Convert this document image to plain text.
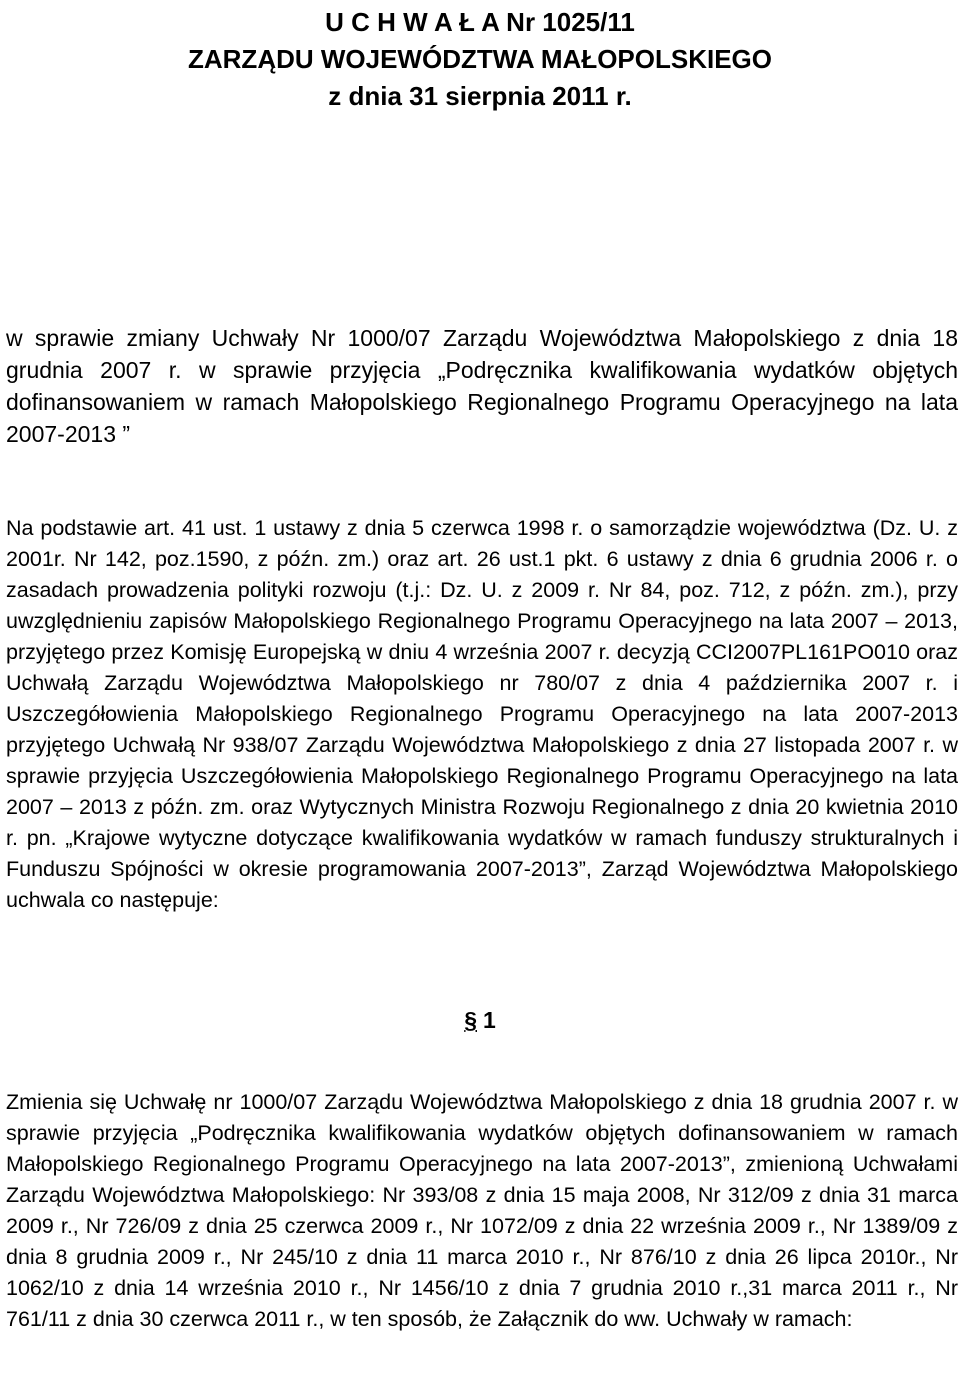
U C H W A Ł A Nr 1025/11
ZARZĄDU WOJEWÓDZTWA MAŁOPOLSKIEGO
z dnia 31 sierpnia 2011 r.
w sprawie zmiany Uchwały Nr 1000/07 Zarządu Województwa Małopolskiego z dnia 18 grudnia 2007 r. w sprawie przyjęcia „Podręcznika kwalifikowania wydatków objętych dofinansowaniem w ramach Małopolskiego Regionalnego Programu Operacyjnego na lata 2007-2013 ”
Na podstawie art. 41 ust. 1 ustawy z dnia 5 czerwca 1998 r. o samorządzie województwa (Dz. U. z 2001r. Nr 142, poz.1590, z późn. zm.) oraz art. 26 ust.1 pkt. 6 ustawy z dnia 6 grudnia 2006 r. o zasadach prowadzenia polityki rozwoju (t.j.: Dz. U. z 2009 r. Nr 84, poz. 712, z późn. zm.), przy uwzględnieniu zapisów Małopolskiego Regionalnego Programu Operacyjnego na lata 2007 – 2013, przyjętego przez Komisję Europejską w dniu 4 września 2007 r. decyzją CCI2007PL161PO010 oraz Uchwałą Zarządu Województwa Małopolskiego nr 780/07 z dnia 4 października 2007 r. i Uszczegółowienia Małopolskiego Regionalnego Programu Operacyjnego na lata 2007-2013 przyjętego Uchwałą Nr 938/07 Zarządu Województwa Małopolskiego z dnia 27 listopada 2007 r. w sprawie przyjęcia Uszczegółowienia Małopolskiego Regionalnego Programu Operacyjnego na lata 2007 – 2013 z późn. zm. oraz Wytycznych Ministra Rozwoju Regionalnego z dnia 20 kwietnia 2010 r. pn. „Krajowe wytyczne dotyczące kwalifikowania wydatków w ramach funduszy strukturalnych i Funduszu Spójności w okresie programowania 2007-2013”, Zarząd Województwa Małopolskiego uchwala co następuje:
§ 1
Zmienia się Uchwałę nr 1000/07 Zarządu Województwa Małopolskiego z dnia 18 grudnia 2007 r. w sprawie przyjęcia „Podręcznika kwalifikowania wydatków objętych dofinansowaniem w ramach Małopolskiego Regionalnego Programu Operacyjnego na lata 2007-2013”, zmienioną Uchwałami Zarządu Województwa Małopolskiego: Nr 393/08 z dnia 15 maja 2008, Nr 312/09 z dnia 31 marca 2009 r., Nr 726/09 z dnia 25 czerwca 2009 r., Nr 1072/09 z dnia 22 września 2009 r., Nr 1389/09 z dnia 8 grudnia 2009 r., Nr 245/10 z dnia 11 marca 2010 r., Nr 876/10 z dnia 26 lipca 2010r., Nr 1062/10 z dnia 14 września 2010 r., Nr 1456/10 z dnia 7 grudnia 2010 r.,31 marca 2011 r., Nr 761/11 z dnia 30 czerwca 2011 r., w ten sposób, że Załącznik do ww. Uchwały w ramach:
